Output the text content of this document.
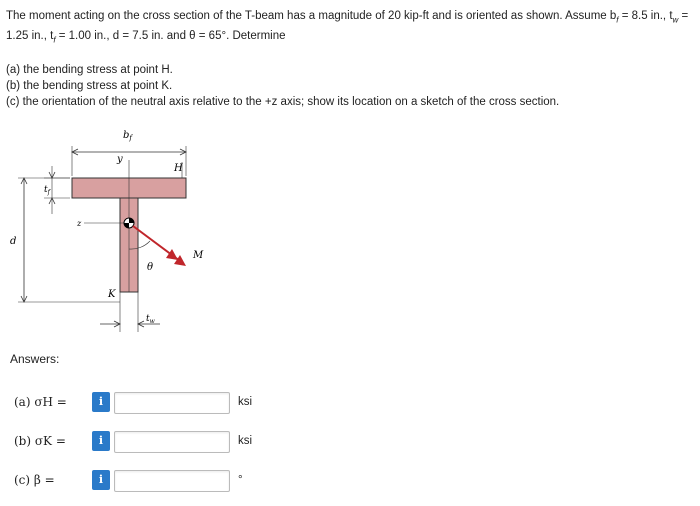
The moment acting on the cross section of the T-beam has a magnitude of 20 kip-ft and is oriented as shown. Assume $b_f = 8.5$ in., $t_w$ =

1.25 in., $t_f = 1.00$ in., d = 7.5 in. and θ = 65°. Determine

(a) the bending stress at point H.
(b) the bending stress at point K.
(c) the orientation of the neutral axis relative to the +z axis; show its location on a sketch of the cross section.
$b_f$
y
H
$t_f$
z
d
M
θ
K
$t_w$
Answers:
(a) σH =	i	ksi
(b) σK =	i	ksi
(c) β =	i	°
